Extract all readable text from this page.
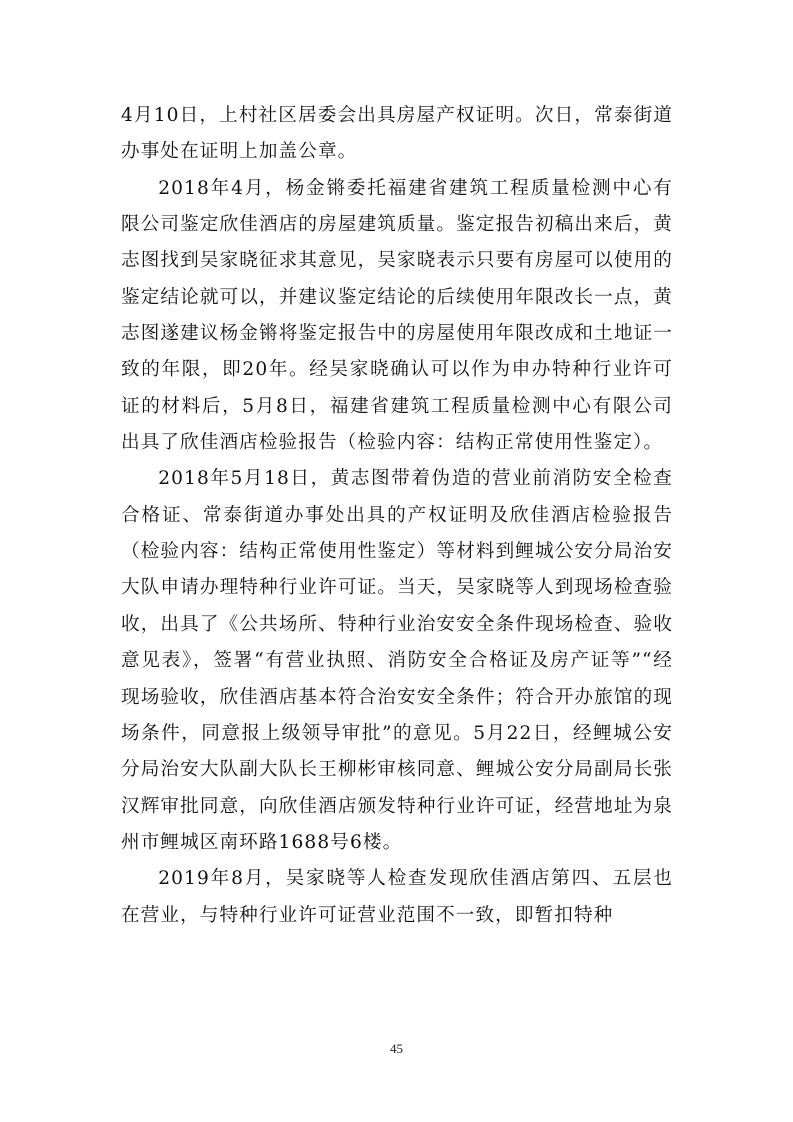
4月10日，上村社区居委会出具房屋产权证明。次日，常泰街道办事处在证明上加盖公章。

2018年4月，杨金锵委托福建省建筑工程质量检测中心有限公司鉴定欣佳酒店的房屋建筑质量。鉴定报告初稿出来后，黄志图找到吴家晓征求其意见，吴家晓表示只要有房屋可以使用的鉴定结论就可以，并建议鉴定结论的后续使用年限改长一点，黄志图遂建议杨金锵将鉴定报告中的房屋使用年限改成和土地证一致的年限，即20年。经吴家晓确认可以作为申办特种行业许可证的材料后，5月8日，福建省建筑工程质量检测中心有限公司出具了欣佳酒店检验报告（检验内容：结构正常使用性鉴定）。

2018年5月18日，黄志图带着伪造的营业前消防安全检查合格证、常泰街道办事处出具的产权证明及欣佳酒店检验报告（检验内容：结构正常使用性鉴定）等材料到鲤城公安分局治安大队申请办理特种行业许可证。当天，吴家晓等人到现场检查验收，出具了《公共场所、特种行业治安安全条件现场检查、验收意见表》，签署“有营业执照、消防安全合格证及房产证等”“经现场验收，欣佳酒店基本符合治安安全条件；符合开办旅馆的现场条件，同意报上级领导审批”的意见。5月22日，经鲤城公安分局治安大队副大队长王柳彬审核同意、鲤城公安分局副局长张汉辉审批同意，向欣佳酒店颁发特种行业许可证，经营地址为泉州市鲤城区南环路1688号6楼。

2019年8月，吴家晓等人检查发现欣佳酒店第四、五层也在营业，与特种行业许可证营业范围不一致，即暂扣特种

45
